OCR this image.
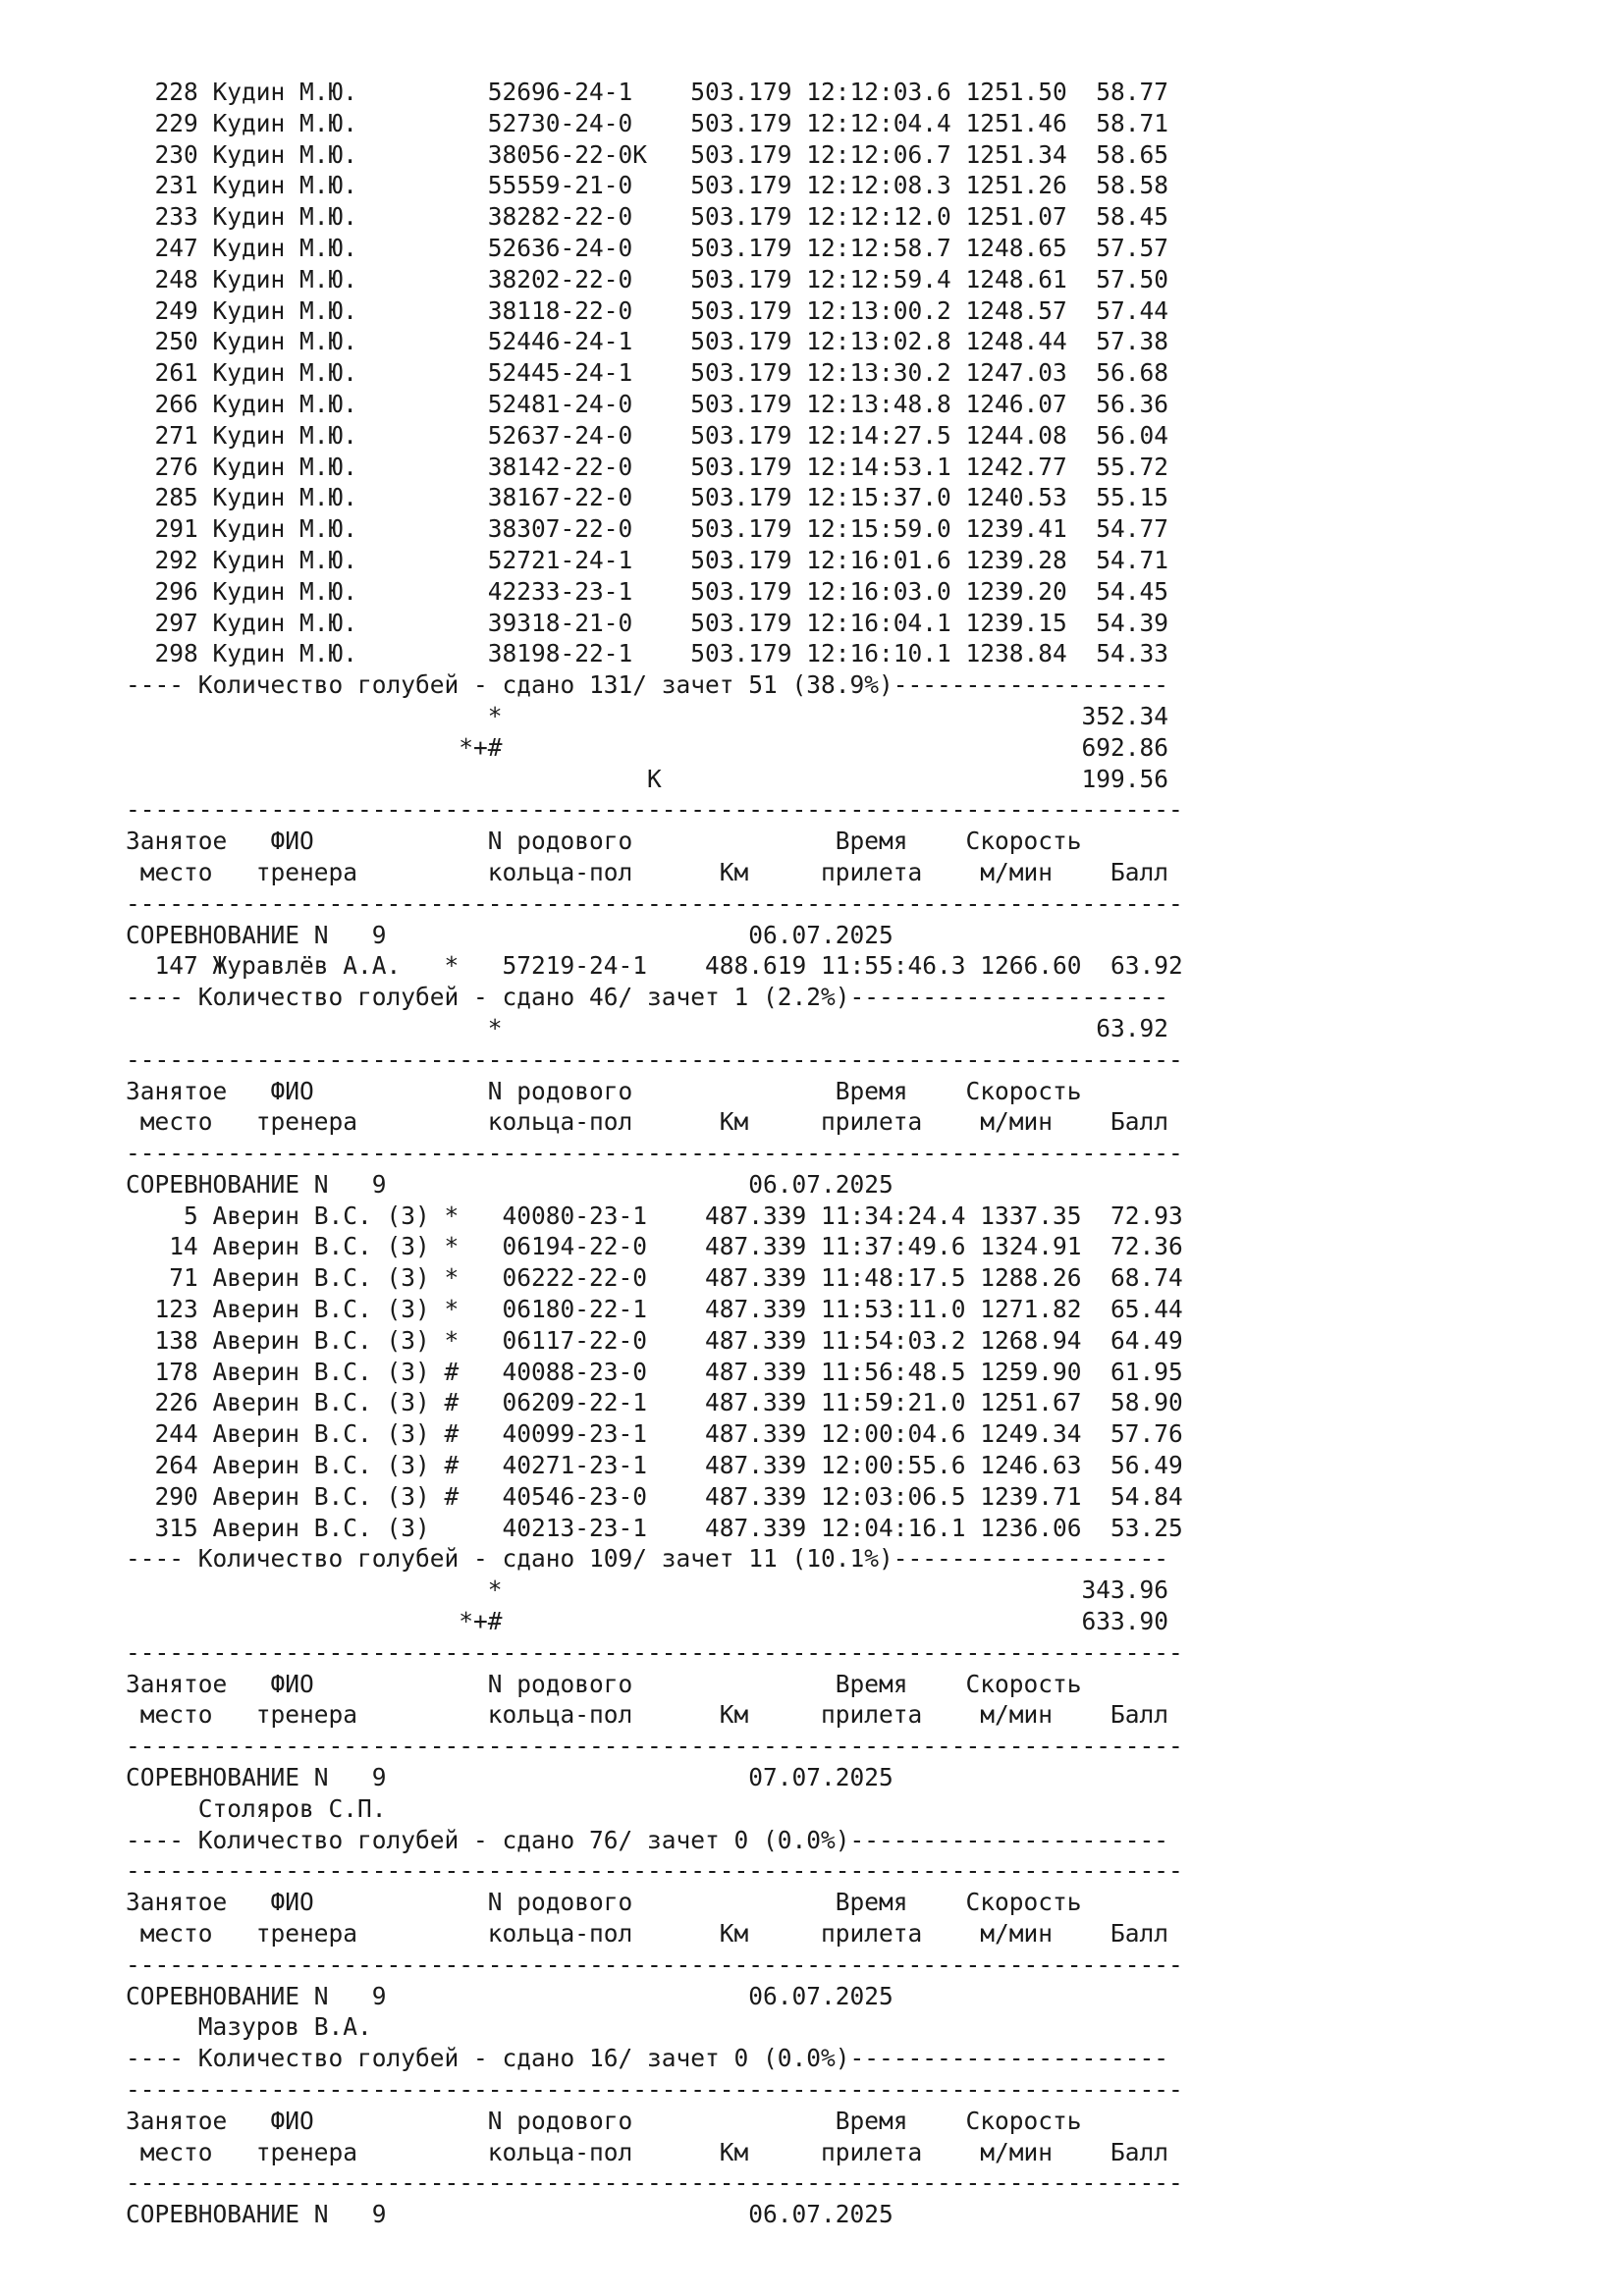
228 Кудин М.Ю.         52696-24-1    503.179 12:12:03.6 1251.50  58.77
229 Кудин М.Ю.         52730-24-0    503.179 12:12:04.4 1251.46  58.71
230 Кудин М.Ю.         38056-22-0K   503.179 12:12:06.7 1251.34  58.65
231 Кудин М.Ю.         55559-21-0    503.179 12:12:08.3 1251.26  58.58
233 Кудин М.Ю.         38282-22-0    503.179 12:12:12.0 1251.07  58.45
247 Кудин М.Ю.         52636-24-0    503.179 12:12:58.7 1248.65  57.57
248 Кудин М.Ю.         38202-22-0    503.179 12:12:59.4 1248.61  57.50
249 Кудин М.Ю.         38118-22-0    503.179 12:13:00.2 1248.57  57.44
250 Кудин М.Ю.         52446-24-1    503.179 12:13:02.8 1248.44  57.38
261 Кудин М.Ю.         52445-24-1    503.179 12:13:30.2 1247.03  56.68
266 Кудин М.Ю.         52481-24-0    503.179 12:13:48.8 1246.07  56.36
271 Кудин М.Ю.         52637-24-0    503.179 12:14:27.5 1244.08  56.04
276 Кудин М.Ю.         38142-22-0    503.179 12:14:53.1 1242.77  55.72
285 Кудин М.Ю.         38167-22-0    503.179 12:15:37.0 1240.53  55.15
291 Кудин М.Ю.         38307-22-0    503.179 12:15:59.0 1239.41  54.77
292 Кудин М.Ю.         52721-24-1    503.179 12:16:01.6 1239.28  54.71
296 Кудин М.Ю.         42233-23-1    503.179 12:16:03.0 1239.20  54.45
297 Кудин М.Ю.         39318-21-0    503.179 12:16:04.1 1239.15  54.39
298 Кудин М.Ю.         38198-22-1    503.179 12:16:10.1 1238.84  54.33
---- Количество голубей - сдано 131/ зачет 51 (38.9%)-------------------
*                                        352.34
*+#                                        692.86
K                             199.56
-------------------------------------------------------------------------
Занятое   ФИО            N родового              Время    Скорость
место   тренера         кольца-пол      Км     прилета    м/мин    Балл
-------------------------------------------------------------------------
СОРЕВНОВАНИЕ N   9                         06.07.2025
147 Журавлёв А.А.   *   57219-24-1    488.619 11:55:46.3 1266.60  63.92
---- Количество голубей - сдано 46/ зачет 1 (2.2%)----------------------
*                                         63.92
-------------------------------------------------------------------------
Занятое   ФИО            N родового              Время    Скорость
место   тренера         кольца-пол      Км     прилета    м/мин    Балл
-------------------------------------------------------------------------
СОРЕВНОВАНИЕ N   9                         06.07.2025
5 Аверин В.С. (З) *   40080-23-1    487.339 11:34:24.4 1337.35  72.93
14 Аверин В.С. (З) *   06194-22-0    487.339 11:37:49.6 1324.91  72.36
71 Аверин В.С. (З) *   06222-22-0    487.339 11:48:17.5 1288.26  68.74
123 Аверин В.С. (З) *   06180-22-1    487.339 11:53:11.0 1271.82  65.44
138 Аверин В.С. (З) *   06117-22-0    487.339 11:54:03.2 1268.94  64.49
178 Аверин В.С. (З) #   40088-23-0    487.339 11:56:48.5 1259.90  61.95
226 Аверин В.С. (З) #   06209-22-1    487.339 11:59:21.0 1251.67  58.90
244 Аверин В.С. (З) #   40099-23-1    487.339 12:00:04.6 1249.34  57.76
264 Аверин В.С. (З) #   40271-23-1    487.339 12:00:55.6 1246.63  56.49
290 Аверин В.С. (З) #   40546-23-0    487.339 12:03:06.5 1239.71  54.84
315 Аверин В.С. (З)     40213-23-1    487.339 12:04:16.1 1236.06  53.25
---- Количество голубей - сдано 109/ зачет 11 (10.1%)-------------------
*                                        343.96
*+#                                        633.90
-------------------------------------------------------------------------
Занятое   ФИО            N родового              Время    Скорость
место   тренера         кольца-пол      Км     прилета    м/мин    Балл
-------------------------------------------------------------------------
СОРЕВНОВАНИЕ N   9                         07.07.2025
Столяров С.П.
---- Количество голубей - сдано 76/ зачет 0 (0.0%)----------------------
-------------------------------------------------------------------------
Занятое   ФИО            N родового              Время    Скорость
место   тренера         кольца-пол      Км     прилета    м/мин    Балл
-------------------------------------------------------------------------
СОРЕВНОВАНИЕ N   9                         06.07.2025
Мазуров В.А.
---- Количество голубей - сдано 16/ зачет 0 (0.0%)----------------------
-------------------------------------------------------------------------
Занятое   ФИО            N родового              Время    Скорость
место   тренера         кольца-пол      Км     прилета    м/мин    Балл
-------------------------------------------------------------------------
СОРЕВНОВАНИЕ N   9                         06.07.2025
